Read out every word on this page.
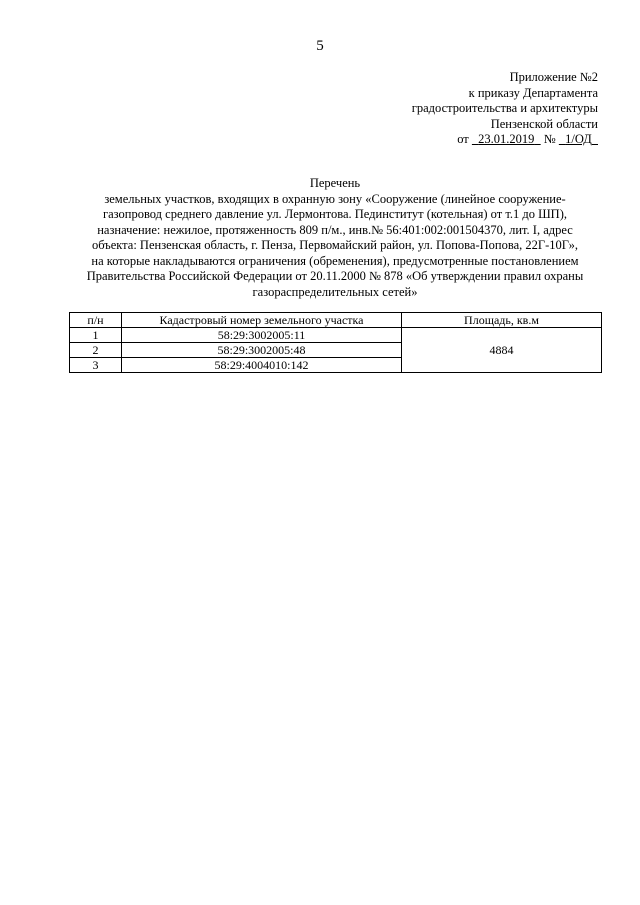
5
Приложение №2
к приказу Департамента
градостроительства и архитектуры
Пензенской области
от 23.01.2019 № 1/ОД
Перечень
земельных участков, входящих в охранную зону «Сооружение (линейное сооружение-
газопровод среднего давление ул. Лермонтова. Пединститут (котельная) от т.1 до ШП),
назначение: нежилое, протяженность 809 п/м., инв.№ 56:401:002:001504370, лит. I, адрес
объекта: Пензенская область, г. Пенза, Первомайский район, ул. Попова-Попова, 22Г-10Г»,
на которые накладываются ограничения (обременения), предусмотренные постановлением
Правительства Российской Федерации от 20.11.2000 № 878 «Об утверждении правил охраны
газораспределительных сетей»
п/н	Кадастровый номер земельного участка	Площадь, кв.м
1	58:29:3002005:11	4884
2	58:29:3002005:48	
3	58:29:4004010:142	
